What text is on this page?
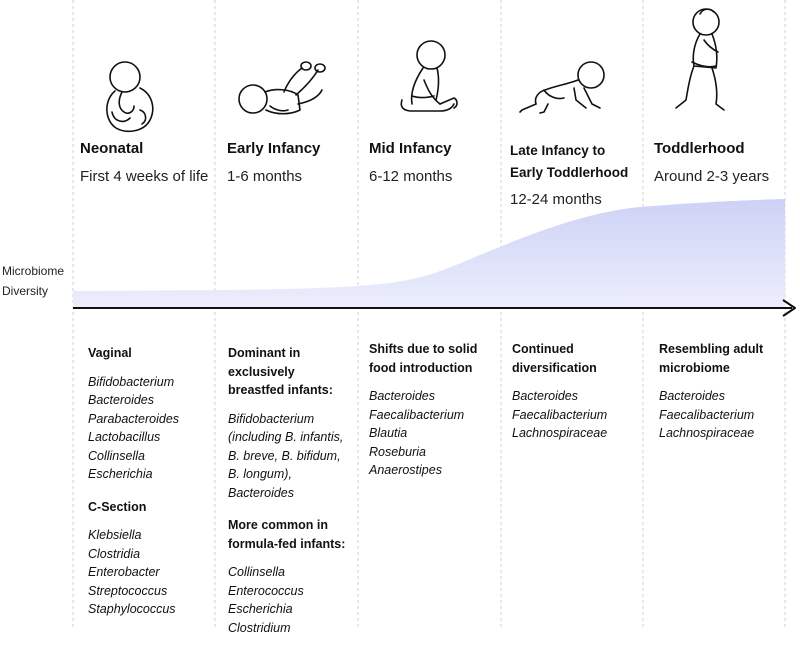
Microbiome
Diversity
Neonatal
First 4 weeks of life
Early Infancy
1-6 months
Mid Infancy
6-12 months
Late Infancy to Early Toddlerhood
12-24 months
Toddlerhood
Around 2-3 years
Vaginal
Bifidobacterium
Bacteroides
Parabacteroides
Lactobacillus
Collinsella
Escherichia
C-Section
Klebsiella
Clostridia
Enterobacter
Streptococcus
Staphylococcus
Dominant in exclusively breastfed infants:
Bifidobacterium
(including B. infantis,
B. breve, B. bifidum,
B. longum),
Bacteroides
More common in formula-fed infants:
Collinsella
Enterococcus
Escherichia
Clostridium
Shifts due to solid food introduction
Bacteroides
Faecalibacterium
Blautia
Roseburia
Anaerostipes
Continued diversification
Bacteroides
Faecalibacterium
Lachnospiraceae
Resembling adult microbiome
Bacteroides
Faecalibacterium
Lachnospiraceae
